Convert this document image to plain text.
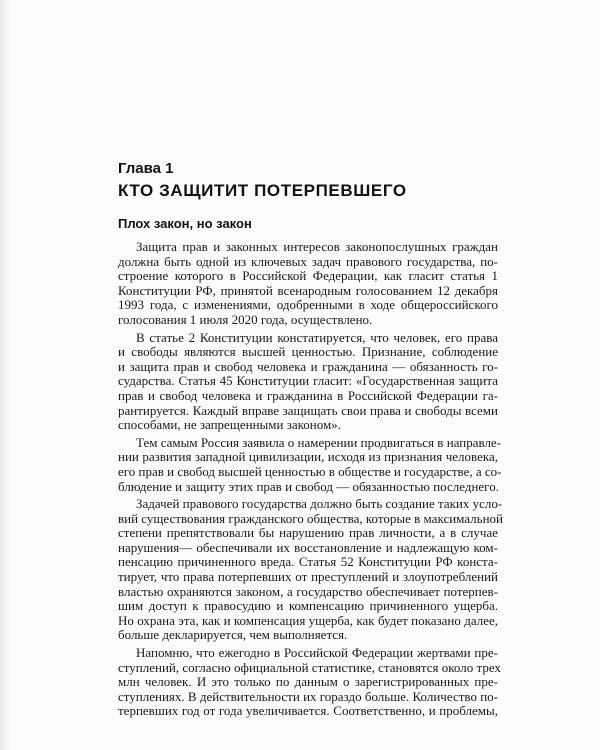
Глава 1
КТО ЗАЩИТИТ ПОТЕРПЕВШЕГО
Плох закон, но закон

Защита прав и законных интересов законопослушных граждан
должна быть одной из ключевых задач правового государства, по-
строение которого в Российской Федерации, как гласит статья 1
Конституции РФ, принятой всенародным голосованием 12 декабря
1993 года, с изменениями, одобренными в ходе общероссийского
голосования 1 июля 2020 года, осуществлено.

В статье 2 Конституции констатируется, что человек, его права
и свободы являются высшей ценностью. Признание, соблюдение
и защита прав и свобод человека и гражданина — обязанность го-
сударства. Статья 45 Конституции гласит: «Государственная защита
прав и свобод человека и гражданина в Российской Федерации га-
рантируется. Каждый вправе защищать свои права и свободы всеми
способами, не запрещенными законом».

Тем самым Россия заявила о намерении продвигаться в направле-
нии развития западной цивилизации, исходя из признания человека,
его прав и свобод высшей ценностью в обществе и государстве, а со-
блюдение и защиту этих прав и свобод — обязанностью последнего.

Задачей правового государства должно быть создание таких усло-
вий существования гражданского общества, которые в максимальной
степени препятствовали бы нарушению прав личности, а в случае
нарушения— обеспечивали их восстановление и надлежащую ком-
пенсацию причиненного вреда. Статья 52 Конституции РФ конста-
тирует, что права потерпевших от преступлений и злоупотреблений
властью охраняются законом, а государство обеспечивает потерпев-
шим доступ к правосудию и компенсацию причиненного ущерба.
Но охрана эта, как и компенсация ущерба, как будет показано далее,
больше декларируется, чем выполняется.

Напомню, что ежегодно в Российской Федерации жертвами пре-
ступлений, согласно официальной статистике, становятся около трех
млн человек. И это только по данным о зарегистрированных пре-
ступлениях. В действительности их гораздо больше. Количество по-
терпевших год от года увеличивается. Соответственно, и проблемы,
